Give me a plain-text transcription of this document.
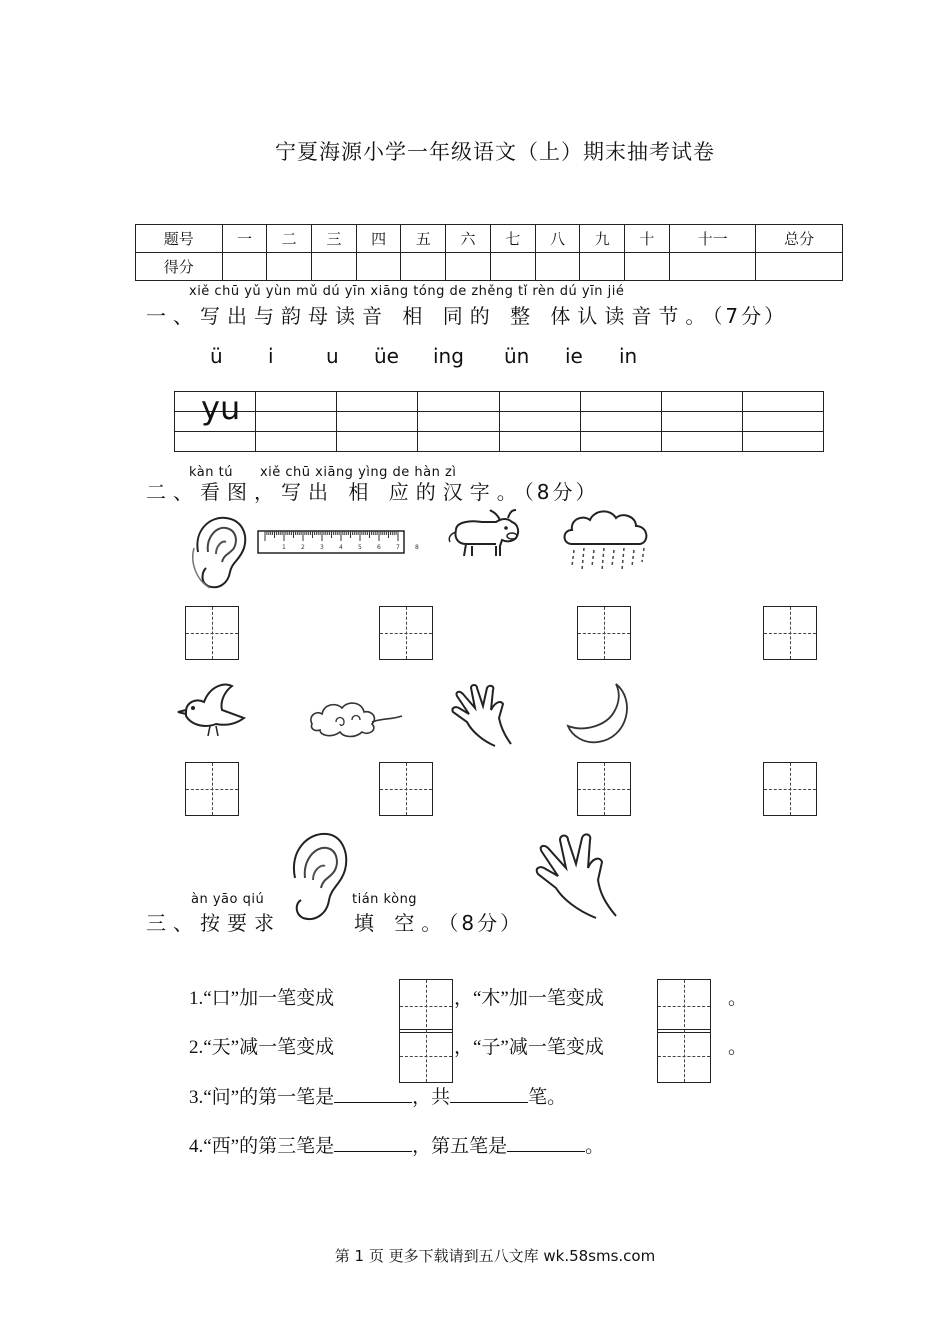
宁夏海源小学一年级语文（上）期末抽考试卷
题号	一	二	三	四	五	六	七	八	九	十	十一	总分
得分												
xiě chū yǔ yùn mǔ dú yīn xiāng tóng de zhěng tǐ rèn dú yīn jié
一、写出与韵母读音 相 同的 整 体认读音节。（7分）
ü i	u üe ing ün ie in

yu
kàn tú　　xiě chū xiāng yìng de hàn zì
二、看图，写出 相 应的汉字。（8分）
1	2	3	4	5	6	7	8
àn yāo qiú	tián kòng
三、按要求	填 空。（8分）
1.“口”加一笔变成	，“木”加一笔变成	。
2.“天”减一笔变成	，“子”减一笔变成	。
3.“问”的第一笔是	，共	笔。
4.“西”的第三笔是	，第五笔是	。
第 1 页 更多下载请到五八文库 wk.58sms.com
